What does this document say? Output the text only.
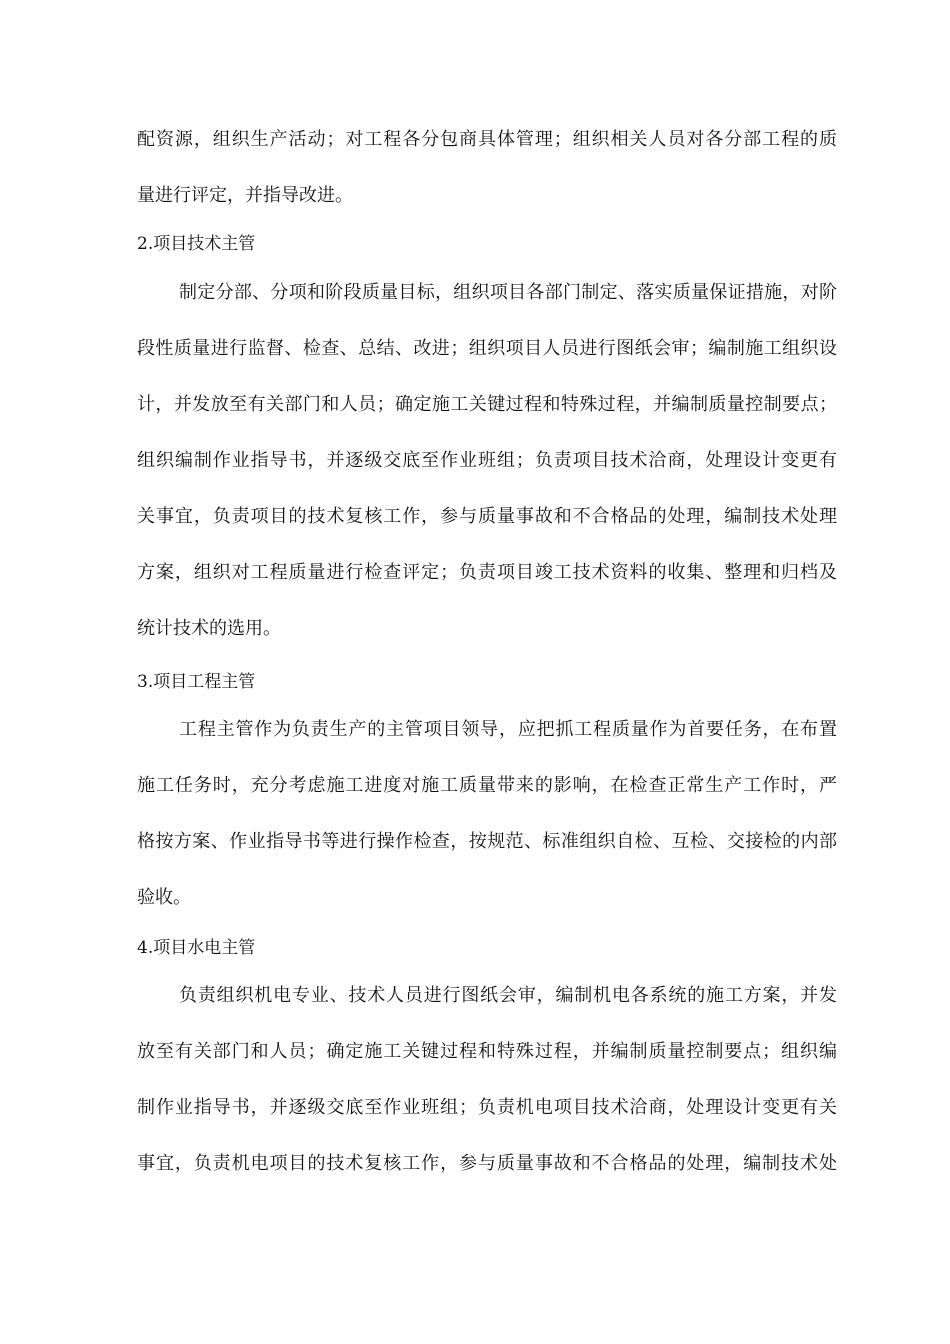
配资源，组织生产活动；对工程各分包商具体管理；组织相关人员对各分部工程的质
量进行评定，并指导改进。
2.项目技术主管
制定分部、分项和阶段质量目标，组织项目各部门制定、落实质量保证措施，对阶
段性质量进行监督、检查、总结、改进；组织项目人员进行图纸会审；编制施工组织设
计，并发放至有关部门和人员；确定施工关键过程和特殊过程，并编制质量控制要点；
组织编制作业指导书，并逐级交底至作业班组；负责项目技术洽商，处理设计变更有
关事宜，负责项目的技术复核工作，参与质量事故和不合格品的处理，编制技术处理
方案，组织对工程质量进行检查评定；负责项目竣工技术资料的收集、整理和归档及
统计技术的选用。
3.项目工程主管
工程主管作为负责生产的主管项目领导，应把抓工程质量作为首要任务，在布置
施工任务时，充分考虑施工进度对施工质量带来的影响，在检查正常生产工作时，严
格按方案、作业指导书等进行操作检查，按规范、标准组织自检、互检、交接检的内部
验收。
4.项目水电主管
负责组织机电专业、技术人员进行图纸会审，编制机电各系统的施工方案，并发
放至有关部门和人员；确定施工关键过程和特殊过程，并编制质量控制要点；组织编
制作业指导书，并逐级交底至作业班组；负责机电项目技术洽商，处理设计变更有关
事宜，负责机电项目的技术复核工作，参与质量事故和不合格品的处理，编制技术处
